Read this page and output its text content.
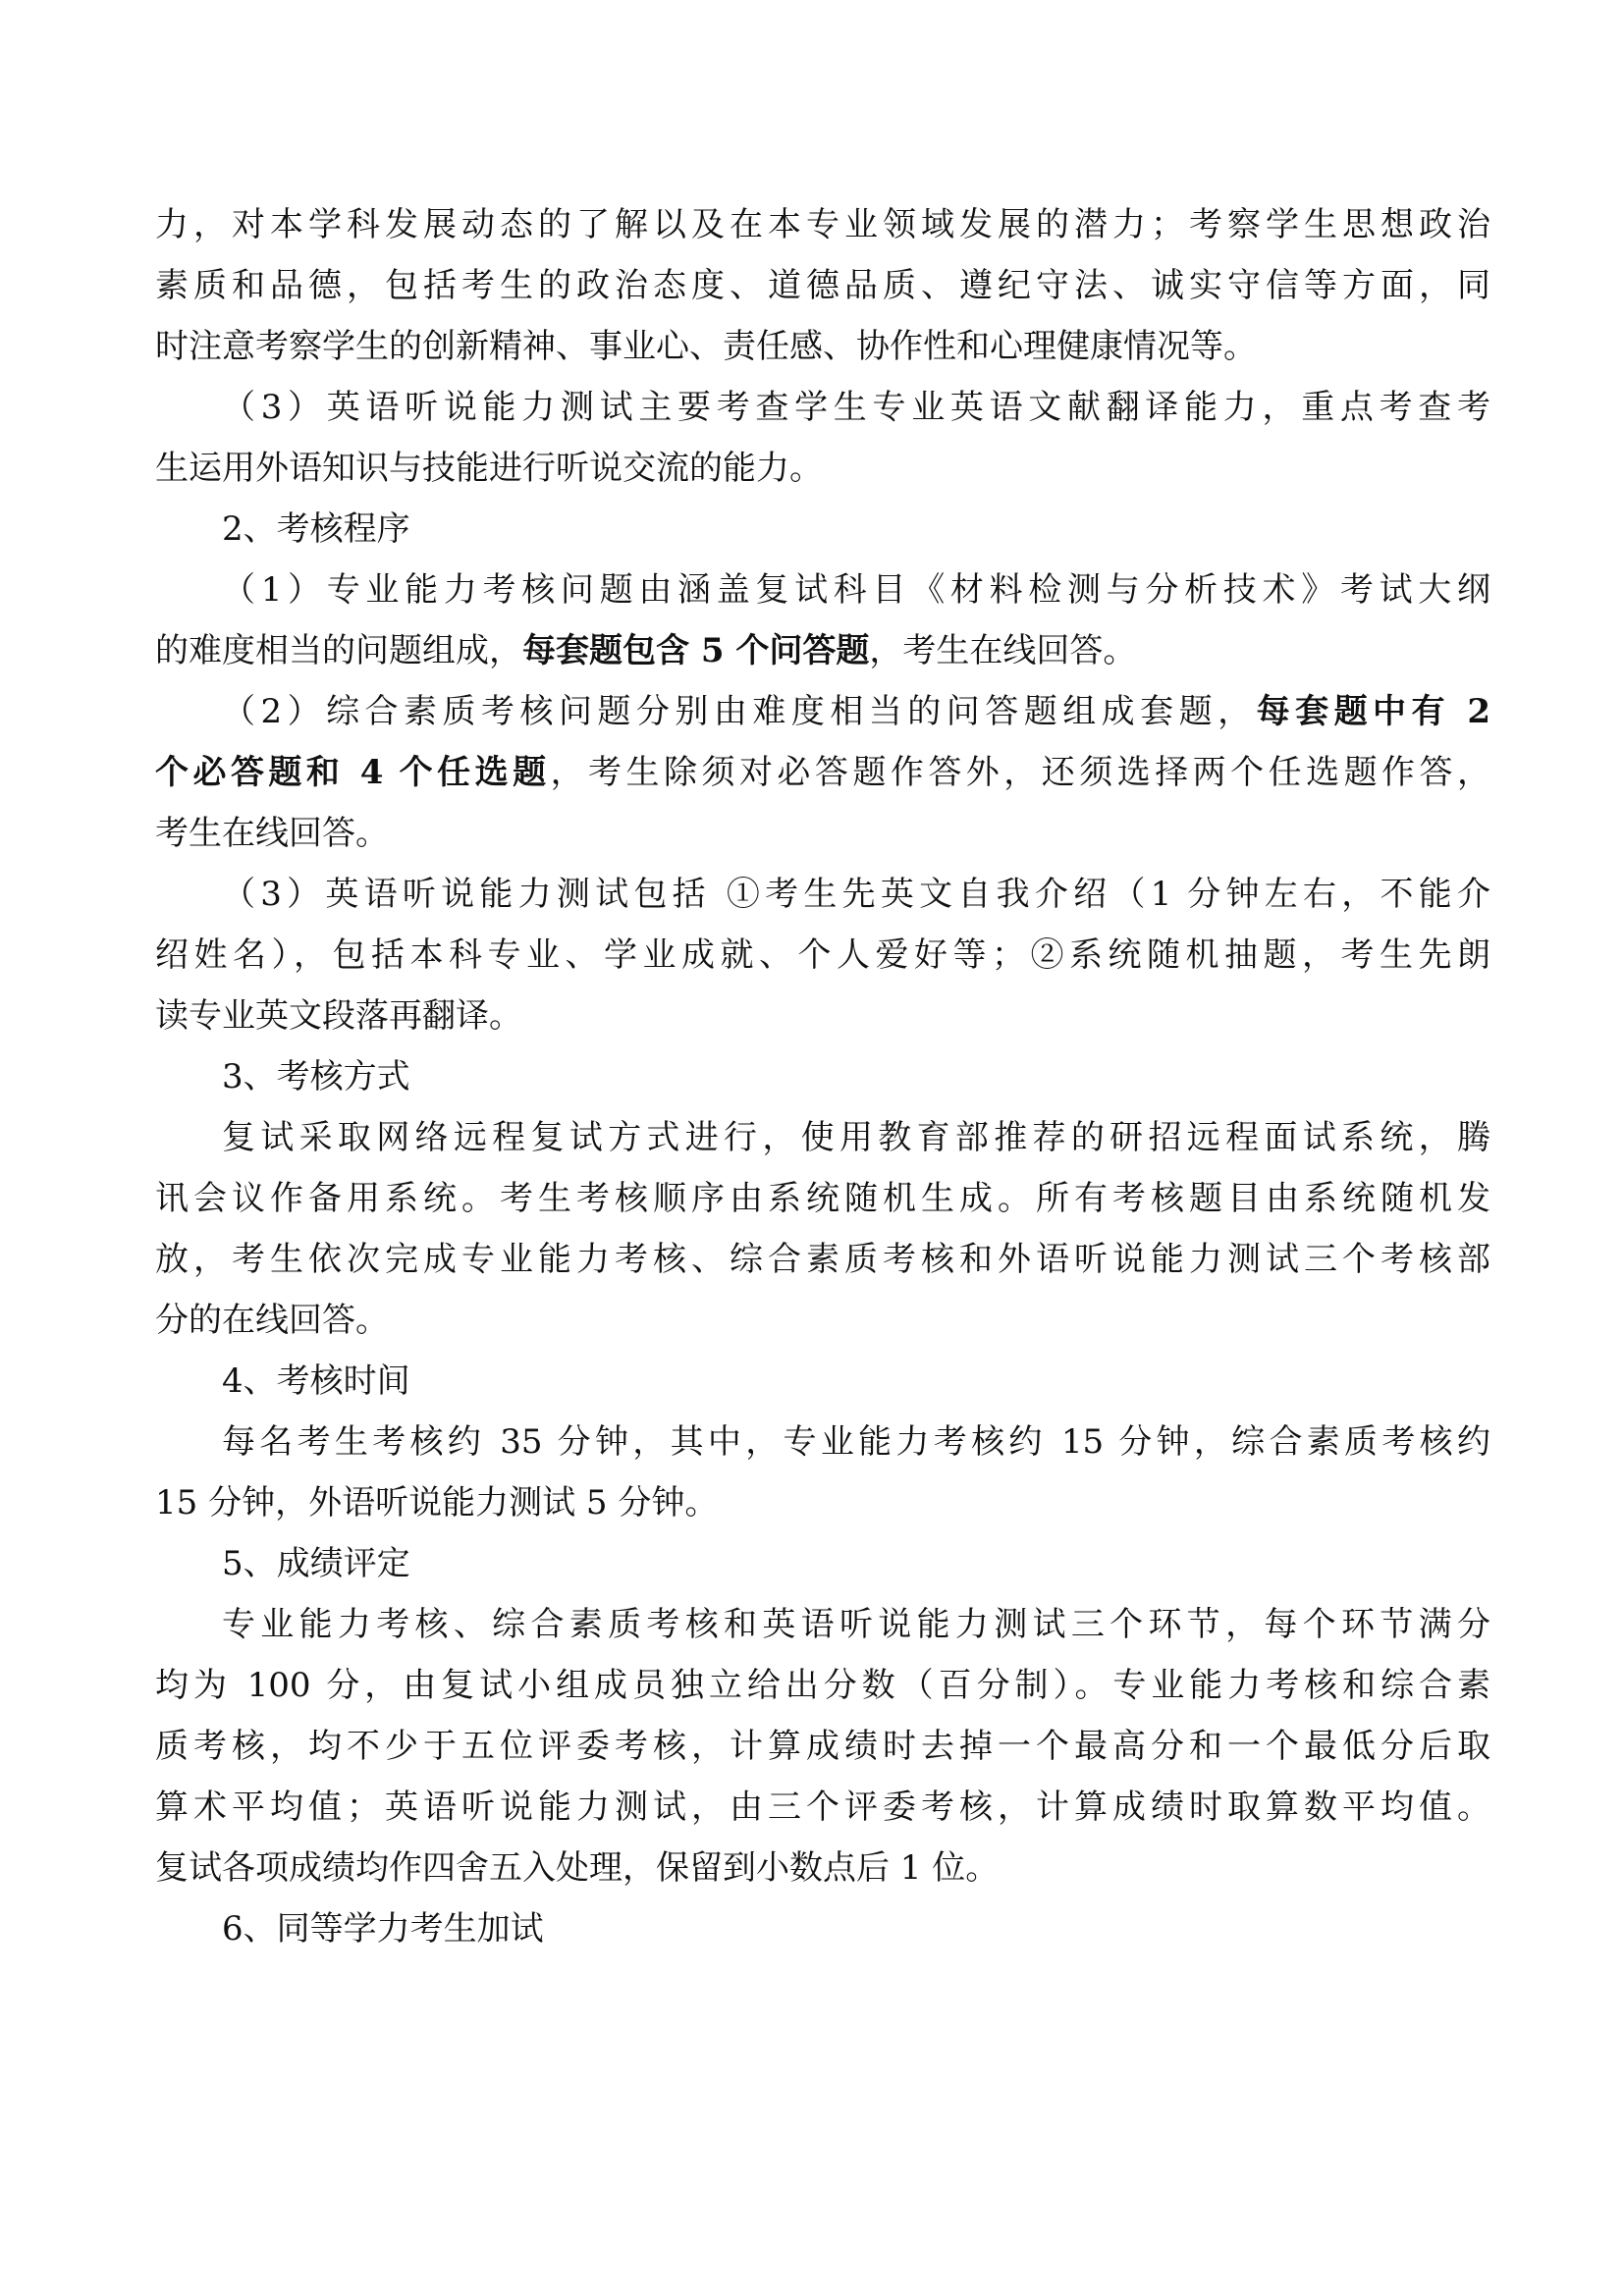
力，对本学科发展动态的了解以及在本专业领域发展的潜力；考察学生思想政治
素质和品德，包括考生的政治态度、道德品质、遵纪守法、诚实守信等方面，同
时注意考察学生的创新精神、事业心、责任感、协作性和心理健康情况等。
（3）英语听说能力测试主要考查学生专业英语文献翻译能力，重点考查考
生运用外语知识与技能进行听说交流的能力。
2、考核程序
（1）专业能力考核问题由涵盖复试科目《材料检测与分析技术》考试大纲
的难度相当的问题组成，每套题包含 5 个问答题，考生在线回答。
（2）综合素质考核问题分别由难度相当的问答题组成套题，每套题中有 2
个必答题和 4 个任选题，考生除须对必答题作答外，还须选择两个任选题作答，
考生在线回答。
（3）英语听说能力测试包括 ①考生先英文自我介绍（1 分钟左右，不能介
绍姓名），包括本科专业、学业成就、个人爱好等；②系统随机抽题，考生先朗
读专业英文段落再翻译。
3、考核方式
复试采取网络远程复试方式进行，使用教育部推荐的研招远程面试系统，腾
讯会议作备用系统。考生考核顺序由系统随机生成。所有考核题目由系统随机发
放，考生依次完成专业能力考核、综合素质考核和外语听说能力测试三个考核部
分的在线回答。
4、考核时间
每名考生考核约 35 分钟，其中，专业能力考核约 15 分钟，综合素质考核约
15 分钟，外语听说能力测试 5 分钟。
5、成绩评定
专业能力考核、综合素质考核和英语听说能力测试三个环节，每个环节满分
均为 100 分，由复试小组成员独立给出分数（百分制）。专业能力考核和综合素
质考核，均不少于五位评委考核，计算成绩时去掉一个最高分和一个最低分后取
算术平均值；英语听说能力测试，由三个评委考核，计算成绩时取算数平均值。
复试各项成绩均作四舍五入处理，保留到小数点后 1 位。
6、同等学力考生加试
